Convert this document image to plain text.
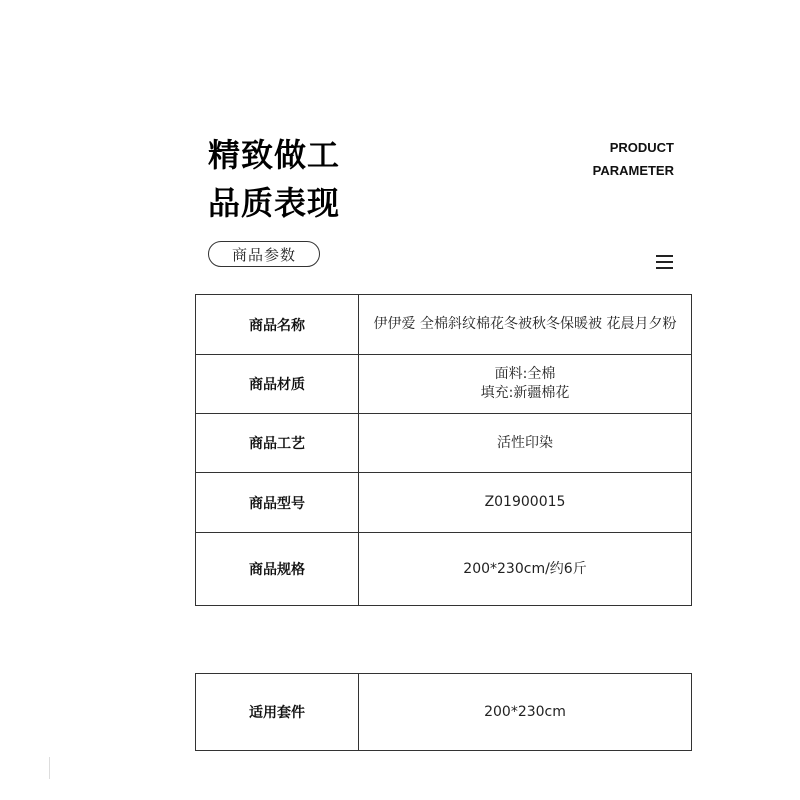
精致做工
品质表现
PRODUCT
PARAMETER
商品参数
商品名称	伊伊爱 全棉斜纹棉花冬被秋冬保暖被 花晨月夕粉

商品材质	面料:全棉
填充:新疆棉花

商品工艺	活性印染

商品型号	Z01900015

商品规格	200*230cm/约6斤
适用套件	200*230cm
